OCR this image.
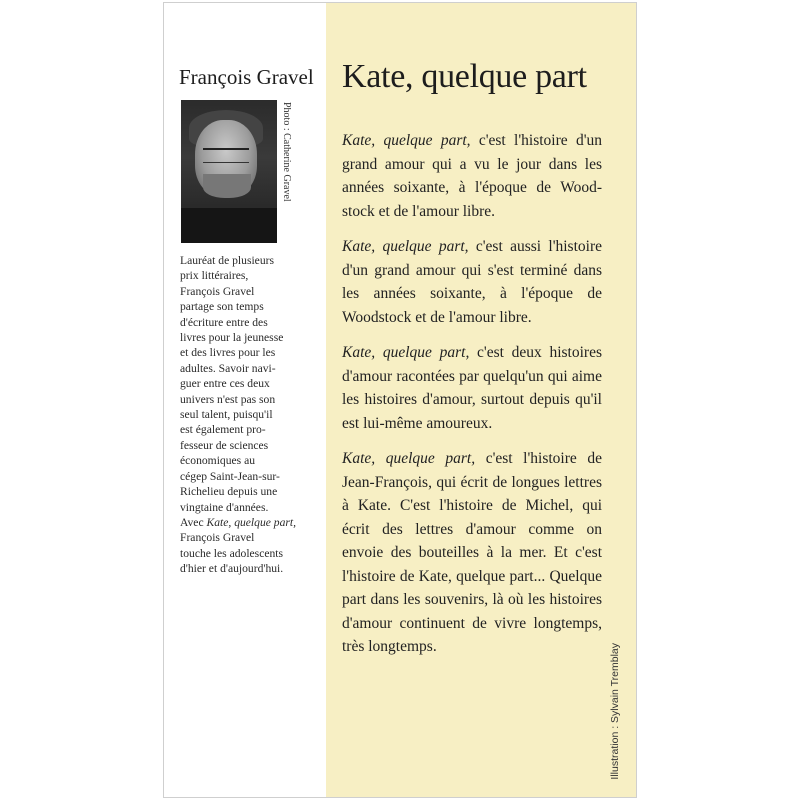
François Gravel
Photo : Catherine Gravel
Lauréat de plusieurs
prix littéraires,
François Gravel
partage son temps
d'écriture entre des
livres pour la jeunesse
et des livres pour les
adultes. Savoir navi-
guer entre ces deux
univers n'est pas son
seul talent, puisqu'il
est également pro-
fesseur de sciences
économiques au
cégep Saint-Jean-sur-
Richelieu depuis une
vingtaine d'années.
Avec Kate, quelque part,
François Gravel
touche les adolescents
d'hier et d'aujourd'hui.
Kate, quelque part

Kate, quelque part, c'est l'histoire d'un grand amour qui a vu le jour dans les années soixante, à l'époque de Wood-stock et de l'amour libre.

Kate, quelque part, c'est aussi l'histoire d'un grand amour qui s'est terminé dans les années soixante, à l'époque de Woodstock et de l'amour libre.

Kate, quelque part, c'est deux histoires d'amour racontées par quelqu'un qui aime les histoires d'amour, surtout depuis qu'il est lui-même amoureux.

Kate, quelque part, c'est l'histoire de Jean-François, qui écrit de longues lettres à Kate. C'est l'histoire de Michel, qui écrit des lettres d'amour comme on envoie des bouteilles à la mer. Et c'est l'histoire de Kate, quelque part... Quelque part dans les souvenirs, là où les histoires d'amour continuent de vivre longtemps, très longtemps.	Illustration : Sylvain Tremblay
